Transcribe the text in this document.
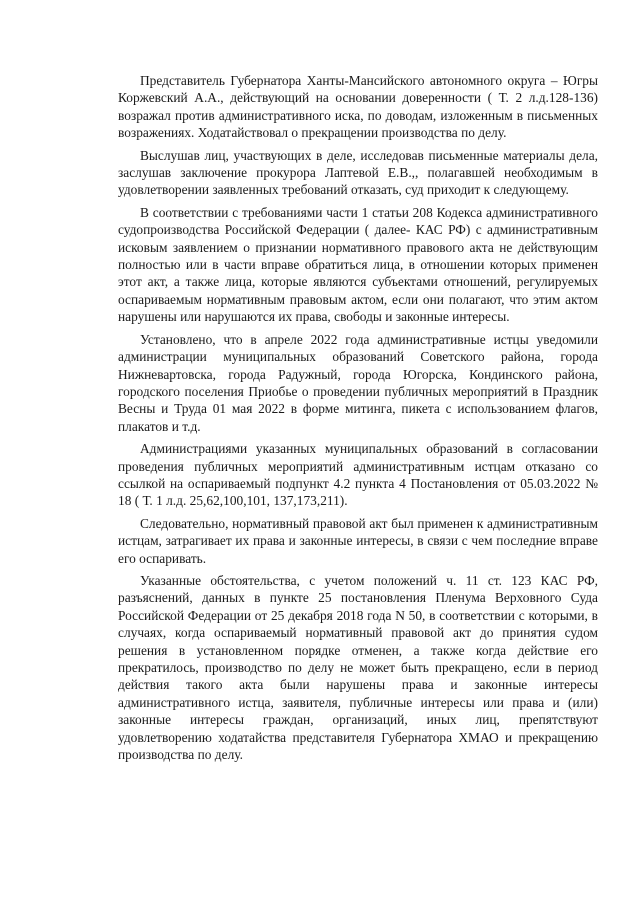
Представитель Губернатора Ханты-Мансийского автономного округа – Югры Коржевский А.А., действующий на основании доверенности ( Т. 2 л.д.128-136) возражал против административного иска, по доводам, изложенным в письменных возражениях. Ходатайствовал о прекращении производства по делу.

Выслушав лиц, участвующих в деле, исследовав письменные материалы дела, заслушав заключение прокурора Лаптевой Е.В.,, полагавшей необходимым в удовлетворении заявленных требований отказать, суд приходит к следующему.

В соответствии с требованиями части 1 статьи 208 Кодекса административного судопроизводства Российской Федерации ( далее- КАС РФ) с административным исковым заявлением о признании нормативного правового акта не действующим полностью или в части вправе обратиться лица, в отношении которых применен этот акт, а также лица, которые являются субъектами отношений, регулируемых оспариваемым нормативным правовым актом, если они полагают, что этим актом нарушены или нарушаются их права, свободы и законные интересы.

Установлено, что в апреле 2022 года административные истцы уведомили администрации муниципальных образований Советского района, города Нижневартовска, города Радужный, города Югорска, Кондинского района, городского поселения Приобье о проведении публичных мероприятий в Праздник Весны и Труда 01 мая 2022 в форме митинга, пикета с использованием флагов, плакатов и т.д.

Администрациями указанных муниципальных образований в согласовании проведения публичных мероприятий административным истцам отказано со ссылкой на оспариваемый подпункт 4.2 пункта 4 Постановления от 05.03.2022 № 18 ( Т. 1 л.д. 25,62,100,101, 137,173,211).

Следовательно, нормативный правовой акт был применен к административным истцам, затрагивает их права и законные интересы, в связи с чем последние вправе его оспаривать.

Указанные обстоятельства, с учетом положений ч. 11 ст. 123 КАС РФ, разъяснений, данных в пункте 25 постановления Пленума Верховного Суда Российской Федерации от 25 декабря 2018 года N 50, в соответствии с которыми, в случаях, когда оспариваемый нормативный правовой акт до принятия судом решения в установленном порядке отменен, а также когда действие его прекратилось, производство по делу не может быть прекращено, если в период действия такого акта были нарушены права и законные интересы административного истца, заявителя, публичные интересы или права и (или) законные интересы граждан, организаций, иных лиц, препятствуют удовлетворению ходатайства представителя Губернатора ХМАО и прекращению производства по делу.
